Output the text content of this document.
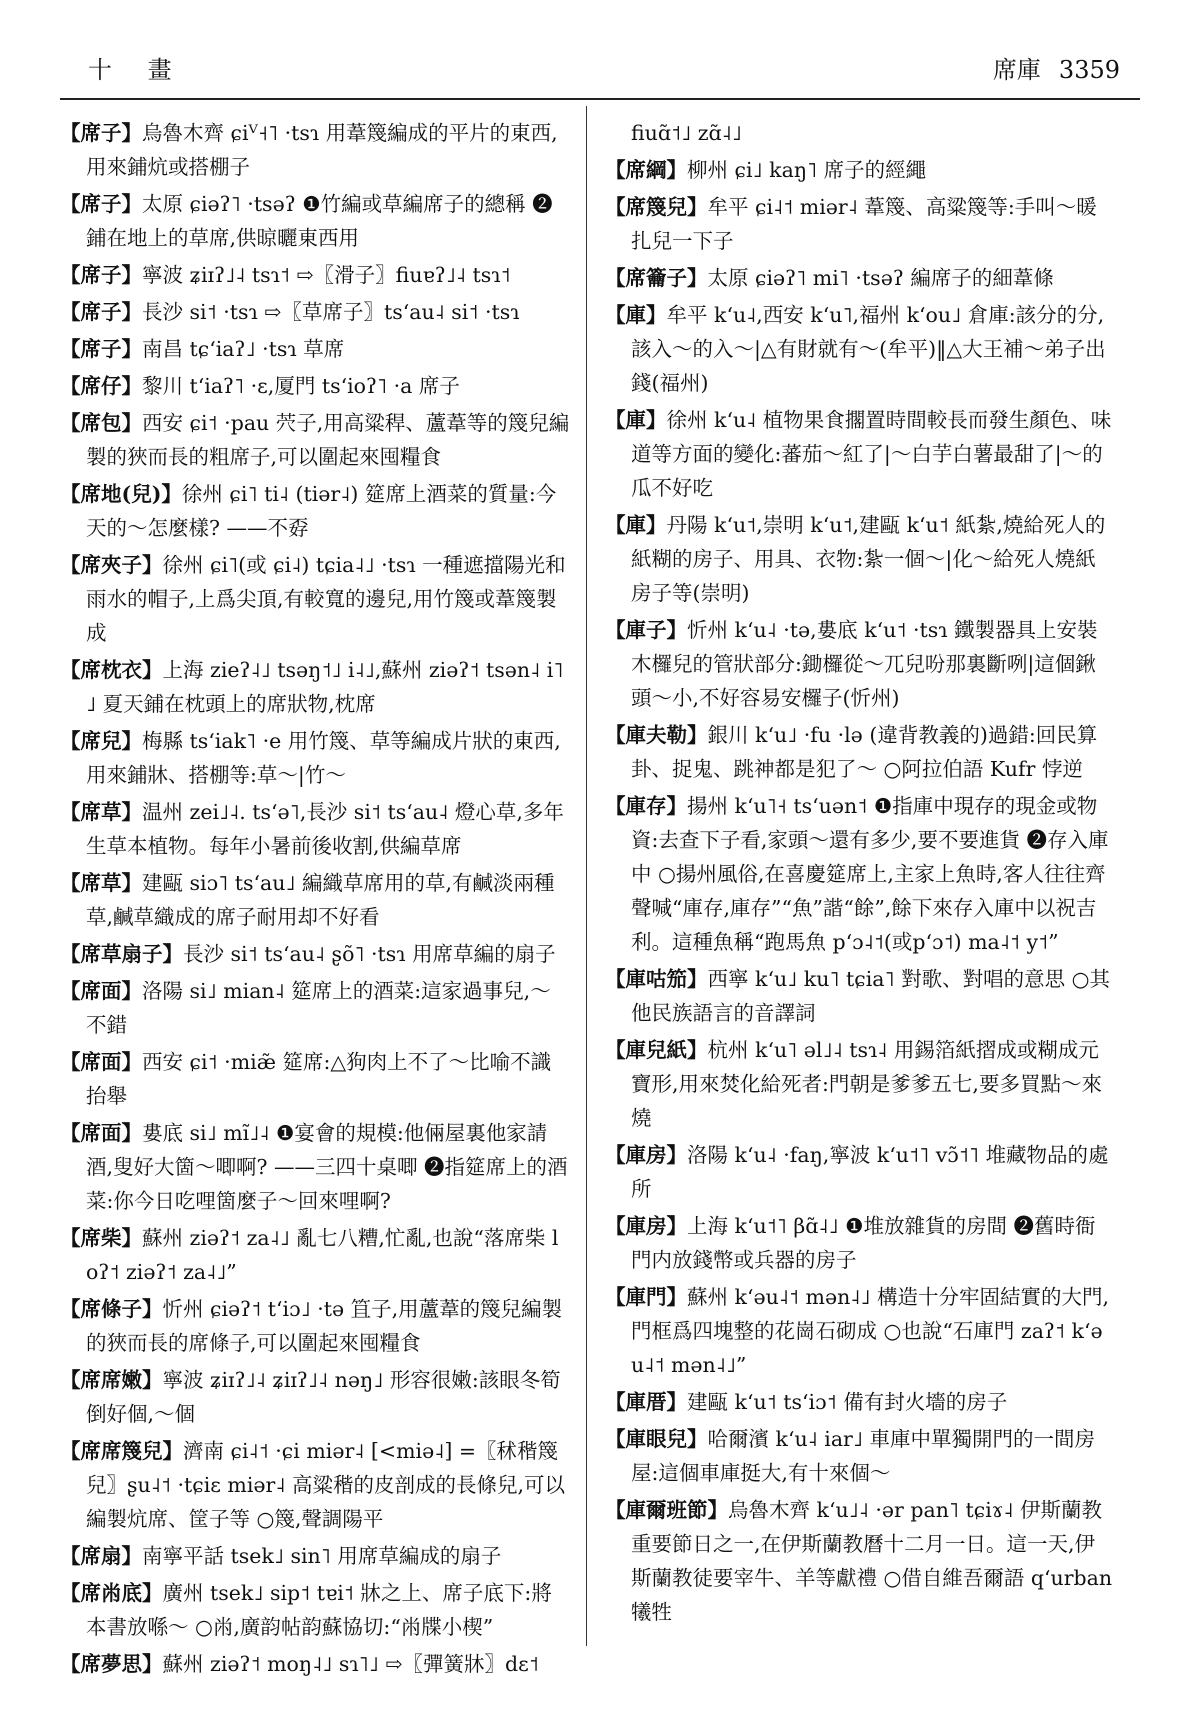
十 畫	席庫 3359

【席子】烏魯木齊 ɕiⱽ˧˥ ·tsɿ 用葦篾編成的平片的東西,用來鋪炕或搭棚子

【席子】太原 ɕiəʔ˥ ·tsəʔ ❶竹編或草編席子的總稱 ❷鋪在地上的草席,供晾曬東西用

【席子】寧波 ʑiɪʔ˩˨ tsɿ˦ ⇨〖滑子〗fiuɐʔ˩˨ tsɿ˦

【席子】長沙 si˦ ·tsɿ ⇨〖草席子〗tsʻau˨ si˦ ·tsɿ

【席子】南昌 tɕʻiaʔ˩ ·tsɿ 草席

【席仔】黎川 tʻiaʔ˥ ·ɛ,厦門 tsʻioʔ˥ ·a 席子

【席包】西安 ɕi˦ ·pau 茓子,用高粱稈、蘆葦等的篾兒編製的狹而長的粗席子,可以圍起來囤糧食

【席地(兒)】徐州 ɕi˥ ti˨ (tiər˨) 筵席上酒菜的質量:今天的～怎麼樣? ——不孬

【席夾子】徐州 ɕi˥(或 ɕi˨) tɕia˨˩ ·tsɿ 一種遮擋陽光和雨水的帽子,上爲尖頂,有較寬的邊兒,用竹篾或葦篾製成

【席枕衣】上海 zieʔ˨˩ tsəŋ˦˩ i˨˩,蘇州 ziəʔ˦ tsən˨ i˥˩ 夏天鋪在枕頭上的席狀物,枕席

【席兒】梅縣 tsʻiak˥ ·e 用竹篾、草等編成片狀的東西,用來鋪牀、搭棚等:草～|竹～

【席草】温州 zei˩˨. tsʻə˥,長沙 si˦ tsʻau˨ 燈心草,多年生草本植物。每年小暑前後收割,供編草席

【席草】建甌 siɔ˥ tsʻau˩ 編織草席用的草,有鹹淡兩種草,鹹草織成的席子耐用却不好看

【席草扇子】長沙 si˦ tsʻau˨ ʂõ˥ ·tsɿ 用席草編的扇子

【席面】洛陽 si˩ mian˨ 筵席上的酒菜:這家過事兒,～不錯

【席面】西安 ɕi˦ ·miæ̃ 筵席:△狗肉上不了～比喻不識抬舉

【席面】婁底 si˩ mĩ˩˨ ❶宴會的規模:他倆屋裏他家請酒,叟好大箇～唧啊? ——三四十桌唧 ❷指筵席上的酒菜:你今日吃哩箇麼子～回來哩啊?

【席柴】蘇州 ziəʔ˦ za˨˩ 亂七八糟,忙亂,也說“落席柴 loʔ˦ ziəʔ˦ za˨˩”

【席條子】忻州 ɕiəʔ˦ tʻiɔ˩ ·tə 笡子,用蘆葦的篾兒編製的狹而長的席條子,可以圍起來囤糧食

【席席嫩】寧波 ʑiɪʔ˩˨ ʑiɪʔ˩˨ nəŋ˩ 形容很嫩:該眼冬筍倒好個,～個

【席席篾兒】濟南 ɕi˨˦ ·ɕi miər˨ [<miə˨] =〖秫稭篾兒〗ʂu˨˦ ·tɕiɛ miər˨ 高粱稭的皮剖成的長條兒,可以編製炕席、筐子等 ○篾,聲調陽平

【席扇】南寧平話 tsek˩ sin˥ 用席草編成的扇子

【席㡀底】廣州 tsek˩ sip˦ tɐi˦ 牀之上、席子底下:將本書放喺～ ○㡀,廣韵帖韵蘇協切:“㡀牒小楔”

【席夢思】蘇州 ziəʔ˦ moŋ˨˩ sɿ˥˩ ⇨〖彈簧牀〗dɛ˦

fiuɑ̃˦˩ zɑ̃˨˩

【席綱】柳州 ɕi˩ kaŋ˥ 席子的經繩

【席篾兒】牟平 ɕi˨˦ miər˨ 葦篾、高粱篾等:手叫～暖扎兒一下子

【席籥子】太原 ɕiəʔ˥ mi˥ ·tsəʔ 編席子的細葦條

【庫】牟平 kʻu˨,西安 kʻu˥,福州 kʻou˩ 倉庫:該分的分,該入～的入～|△有財就有～(牟平)‖△大王補～弟子出錢(福州)

【庫】徐州 kʻu˨ 植物果食擱置時間較長而發生顏色、味道等方面的變化:蕃茄～紅了|～白芋白薯最甜了|～的瓜不好吃

【庫】丹陽 kʻu˦,崇明 kʻu˦,建甌 kʻu˦ 紙紮,燒給死人的紙糊的房子、用具、衣物:紮一個～|化～給死人燒紙房子等(崇明)

【庫子】忻州 kʻu˨ ·tə,婁底 kʻu˦ ·tsɿ 鐵製器具上安裝木欏兒的管狀部分:鋤欏從～兀兒吩那裏斷咧|這個鍬頭～小,不好容易安欏子(忻州)

【庫夫勒】銀川 kʻu˩ ·fu ·lə (違背教義的)過錯:回民算卦、捉鬼、跳神都是犯了～ ○阿拉伯語 Kufr 悖逆

【庫存】揚州 kʻu˥˧ tsʻuən˦ ❶指庫中現存的現金或物資:去查下子看,家頭～還有多少,要不要進貨 ❷存入庫中 ○揚州風俗,在喜慶筵席上,主家上魚時,客人往往齊聲喊“庫存,庫存”“魚”諧“餘”,餘下來存入庫中以祝吉利。這種魚稱“跑馬魚 pʻɔ˨˦(或pʻɔ˦) ma˨˦ y˦”

【庫咕笳】西寧 kʻu˩ ku˥ tɕia˥ 對歌、對唱的意思 ○其他民族語言的音譯詞

【庫兒紙】杭州 kʻu˥ əl˩˨ tsɿ˨ 用錫箔紙摺成或糊成元寶形,用來焚化給死者:門朝是爹爹五七,要多買點～來燒

【庫房】洛陽 kʻu˨ ·faŋ,寧波 kʻu˦˥ vɔ̃˦˥ 堆藏物品的處所

【庫房】上海 kʻu˦˥ βɑ̃˨˩ ❶堆放雜貨的房間 ❷舊時衙門内放錢幣或兵器的房子

【庫門】蘇州 kʻəu˨˦ mən˨˩ 構造十分牢固結實的大門,門框爲四塊整的花崗石砌成 ○也說“石庫門 zaʔ˦ kʻəu˨˦ mən˨˩”

【庫厝】建甌 kʻu˦ tsʻiɔ˦ 備有封火墻的房子

【庫眼兒】哈爾濱 kʻu˨ iar˩ 車庫中單獨開門的一間房屋:這個車庫挺大,有十來個～

【庫爾班節】烏魯木齊 kʻu˩˨ ·ər pan˥ tɕiɤ˨ 伊斯蘭教重要節日之一,在伊斯蘭教曆十二月一日。這一天,伊斯蘭教徒要宰牛、羊等獻禮 ○借自維吾爾語 qʻurban 犧牲
